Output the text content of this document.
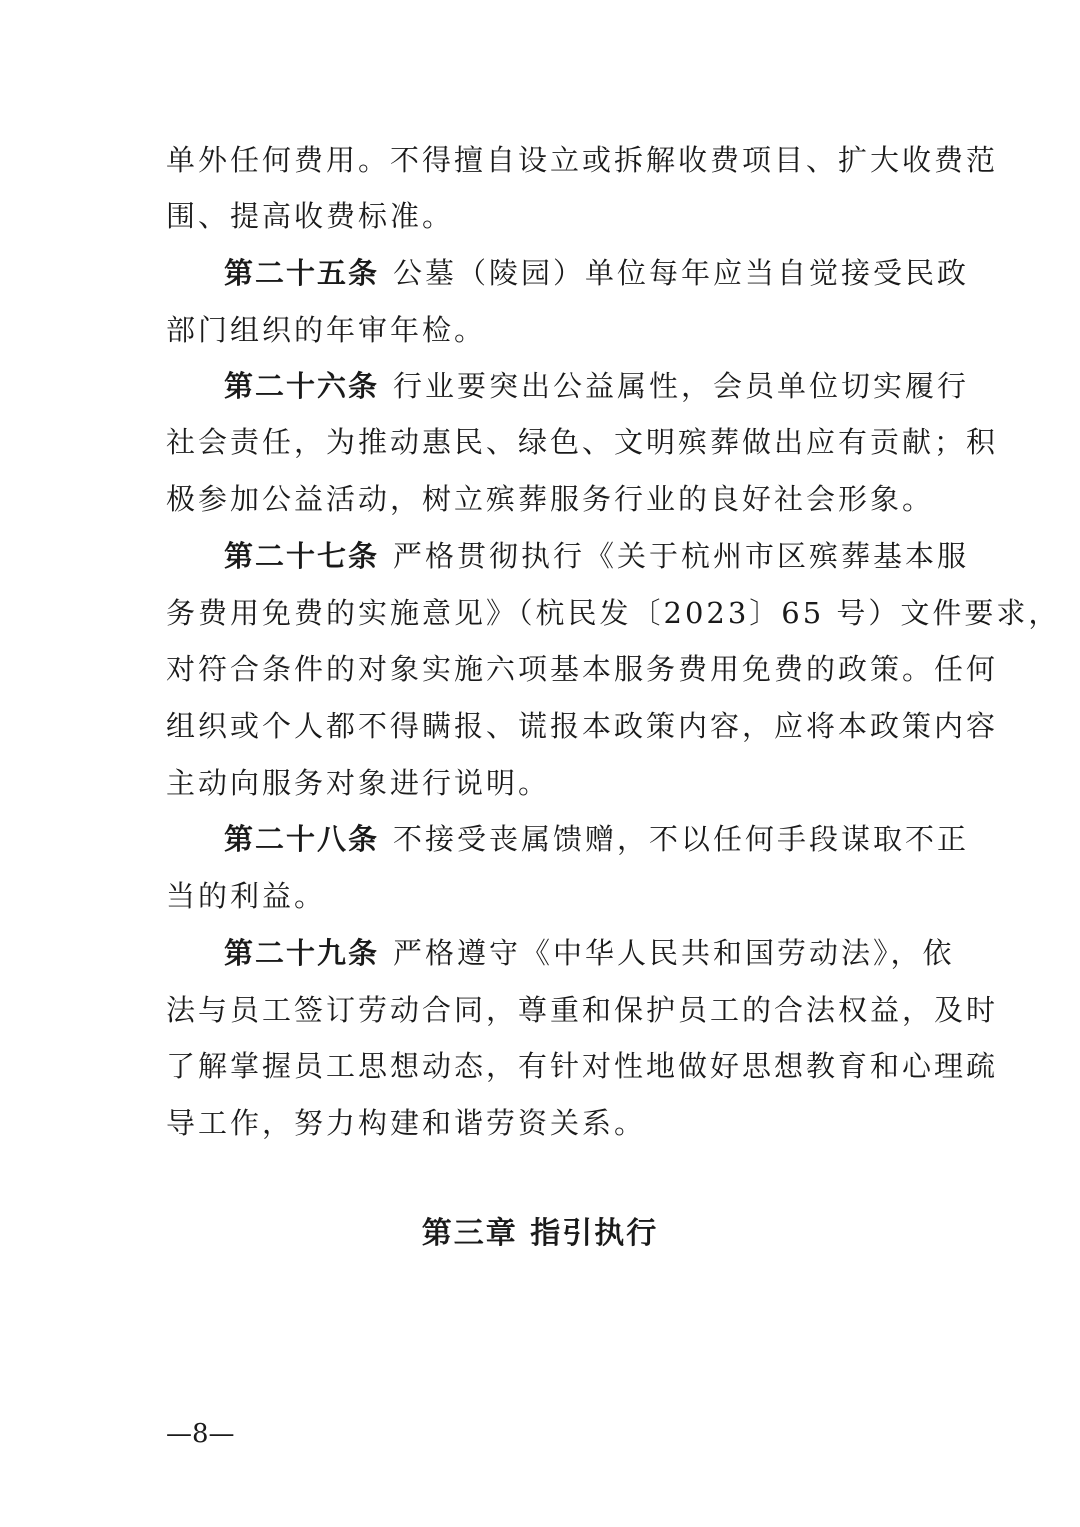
单外任何费用。不得擅自设立或拆解收费项目、扩大收费范
围、提高收费标准。
第二十五条 公墓（陵园）单位每年应当自觉接受民政
部门组织的年审年检。
第二十六条 行业要突出公益属性，会员单位切实履行
社会责任，为推动惠民、绿色、文明殡葬做出应有贡献；积
极参加公益活动，树立殡葬服务行业的良好社会形象。
第二十七条 严格贯彻执行《关于杭州市区殡葬基本服
务费用免费的实施意见》（杭民发〔2023〕65 号）文件要求，
对符合条件的对象实施六项基本服务费用免费的政策。任何
组织或个人都不得瞒报、谎报本政策内容，应将本政策内容
主动向服务对象进行说明。
第二十八条 不接受丧属馈赠，不以任何手段谋取不正
当的利益。
第二十九条 严格遵守《中华人民共和国劳动法》，依
法与员工签订劳动合同，尊重和保护员工的合法权益，及时
了解掌握员工思想动态，有针对性地做好思想教育和心理疏
导工作，努力构建和谐劳资关系。
第三章 指引执行
—8—
